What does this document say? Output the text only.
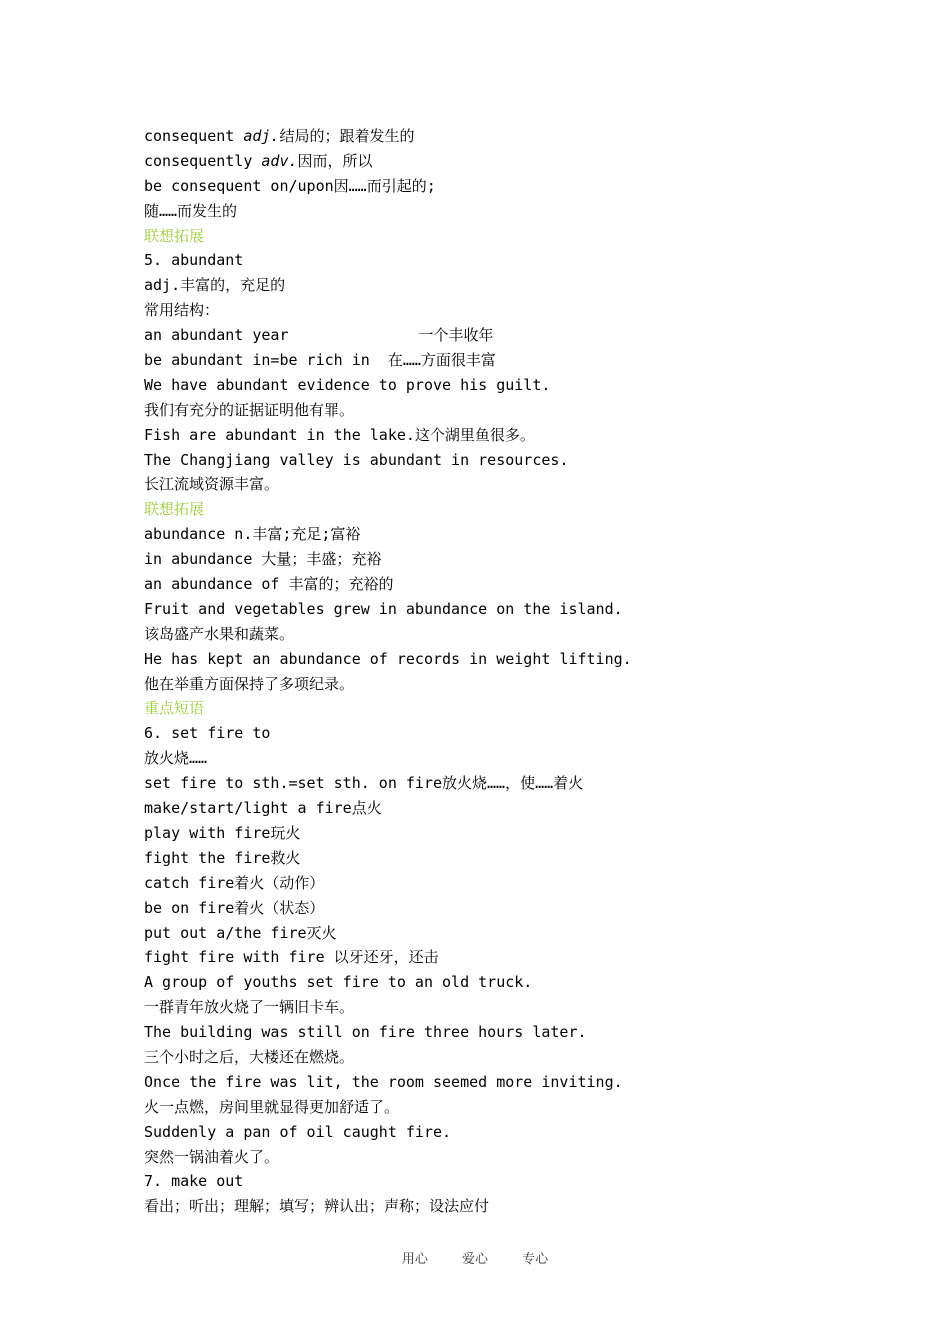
consequent adj.结局的；跟着发生的
consequently adv.因而，所以
be consequent on/upon因……而引起的;
随……而发生的
联想拓展
5. abundant
adj.丰富的，充足的
常用结构：
an abundant year	一个丰收年
be abundant in=be rich in  在……方面很丰富
We have abundant evidence to prove his guilt.
我们有充分的证据证明他有罪。
Fish are abundant in the lake.这个湖里鱼很多。
The Changjiang valley is abundant in resources.
长江流域资源丰富。
联想拓展
abundance n.丰富;充足;富裕
in abundance 大量；丰盛；充裕
an abundance of 丰富的；充裕的
Fruit and vegetables grew in abundance on the island.
该岛盛产水果和蔬菜。
He has kept an abundance of records in weight lifting.
他在举重方面保持了多项纪录。
重点短语
6. set fire to
放火烧……
set fire to sth.=set sth. on fire放火烧……，使……着火
make/start/light a fire点火
play with fire玩火
fight the fire救火
catch fire着火（动作）
be on fire着火（状态）
put out a/the fire灭火
fight fire with fire 以牙还牙，还击
A group of youths set fire to an old truck.
一群青年放火烧了一辆旧卡车。
The building was still on fire three hours later.
三个小时之后，大楼还在燃烧。
Once the fire was lit, the room seemed more inviting.
火一点燃，房间里就显得更加舒适了。
Suddenly a pan of oil caught fire.
突然一锅油着火了。
7. make out
看出；听出；理解；填写；辨认出；声称；设法应付
用心	爱心	专心
